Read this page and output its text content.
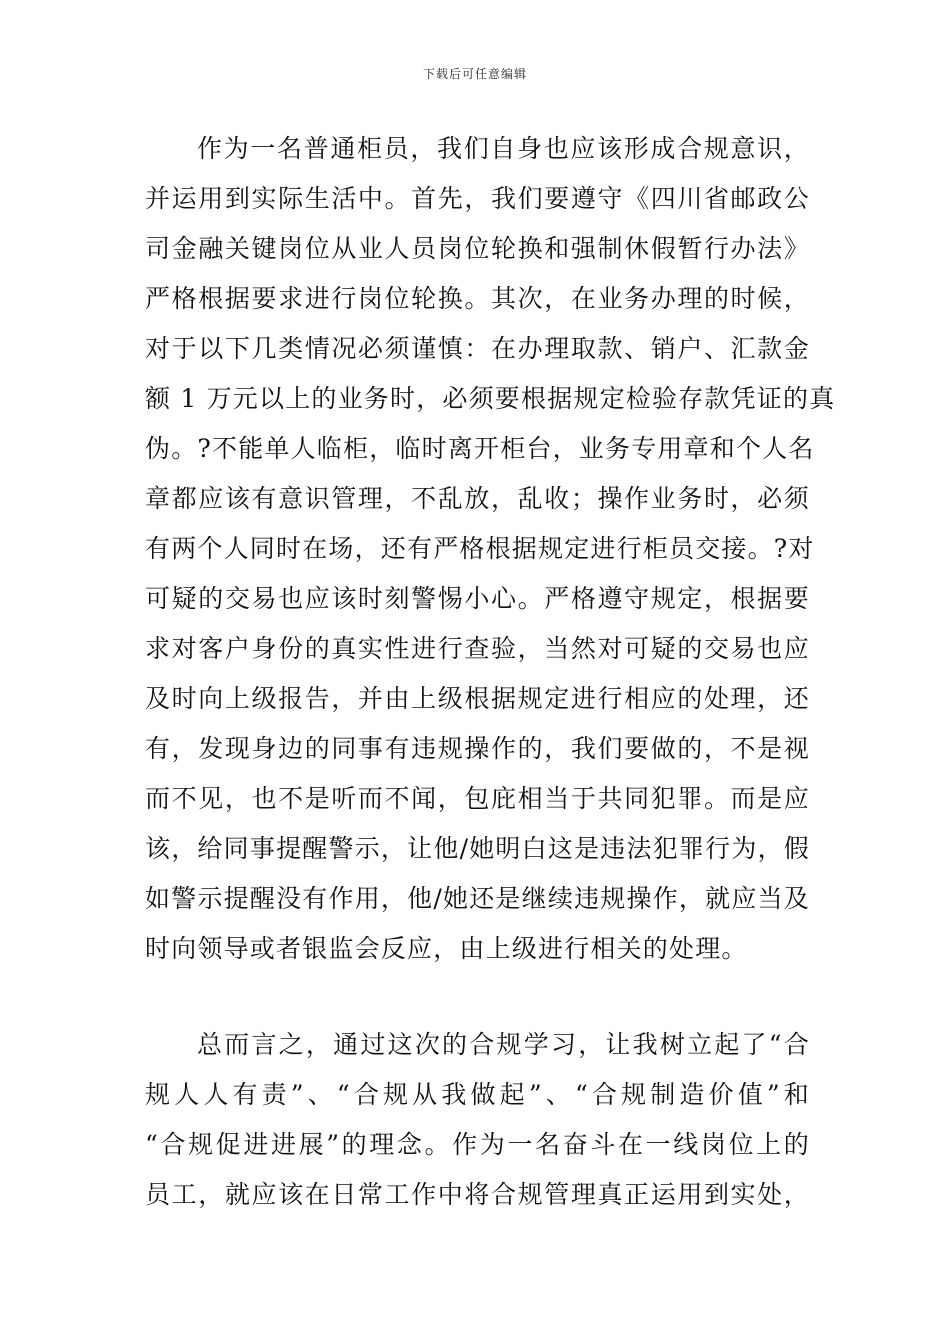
下载后可任意编辑
作为一名普通柜员，我们自身也应该形成合规意识，
并运用到实际生活中。首先，我们要遵守《四川省邮政公
司金融关键岗位从业人员岗位轮换和强制休假暂行办法》
严格根据要求进行岗位轮换。其次，在业务办理的时候，
对于以下几类情况必须谨慎：在办理取款、销户、汇款金
额 1 万元以上的业务时，必须要根据规定检验存款凭证的真
伪。?不能单人临柜，临时离开柜台，业务专用章和个人名
章都应该有意识管理，不乱放，乱收；操作业务时，必须
有两个人同时在场，还有严格根据规定进行柜员交接。?对
可疑的交易也应该时刻警惕小心。严格遵守规定，根据要
求对客户身份的真实性进行查验，当然对可疑的交易也应
及时向上级报告，并由上级根据规定进行相应的处理，还
有，发现身边的同事有违规操作的，我们要做的，不是视
而不见，也不是听而不闻，包庇相当于共同犯罪。而是应
该，给同事提醒警示，让他/她明白这是违法犯罪行为，假
如警示提醒没有作用，他/她还是继续违规操作，就应当及
时向领导或者银监会反应，由上级进行相关的处理。
总而言之，通过这次的合规学习，让我树立起了“合
规人人有责”、“合规从我做起”、“合规制造价值”和
“合规促进进展”的理念。作为一名奋斗在一线岗位上的
员工，就应该在日常工作中将合规管理真正运用到实处，
